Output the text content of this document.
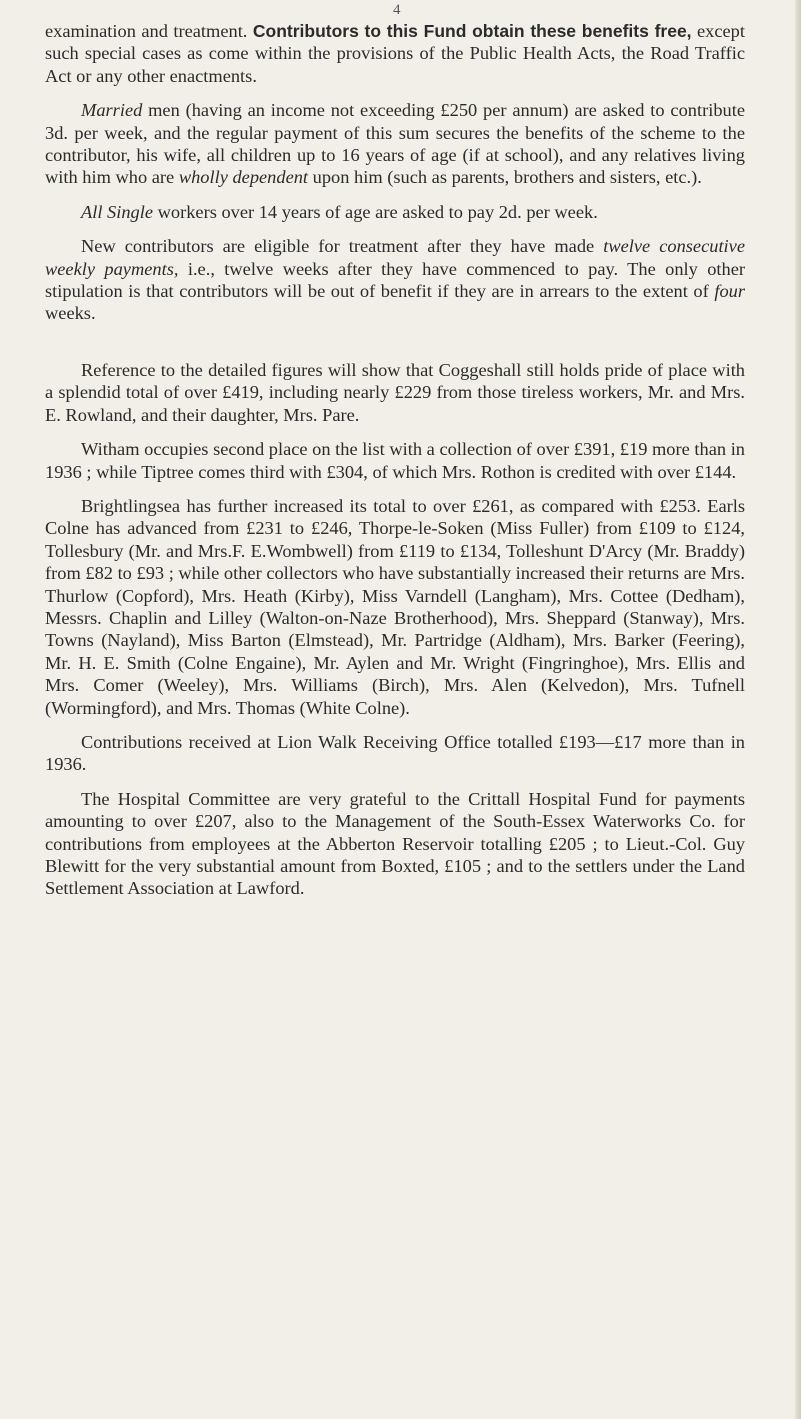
4

examination and treatment. Contributors to this Fund obtain these benefits free, except such special cases as come within the provisions of the Public Health Acts, the Road Traffic Act or any other enactments.

Married men (having an income not exceeding £250 per annum) are asked to contribute 3d. per week, and the regular payment of this sum secures the benefits of the scheme to the contributor, his wife, all children up to 16 years of age (if at school), and any relatives living with him who are wholly dependent upon him (such as parents, brothers and sisters, etc.).

All Single workers over 14 years of age are asked to pay 2d. per week.

New contributors are eligible for treatment after they have made twelve consecutive weekly payments, i.e., twelve weeks after they have commenced to pay. The only other stipulation is that contributors will be out of benefit if they are in arrears to the extent of four weeks.

Reference to the detailed figures will show that Coggeshall still holds pride of place with a splendid total of over £419, including nearly £229 from those tireless workers, Mr. and Mrs. E. Rowland, and their daughter, Mrs. Pare.

Witham occupies second place on the list with a collection of over £391, £19 more than in 1936 ; while Tiptree comes third with £304, of which Mrs. Rothon is credited with over £144.

Brightlingsea has further increased its total to over £261, as compared with £253. Earls Colne has advanced from £231 to £246, Thorpe-le-Soken (Miss Fuller) from £109 to £124, Tollesbury (Mr. and Mrs.F. E.Wombwell) from £119 to £134, Tolleshunt D'Arcy (Mr. Braddy) from £82 to £93 ; while other collectors who have substantially increased their returns are Mrs. Thurlow (Copford), Mrs. Heath (Kirby), Miss Varndell (Langham), Mrs. Cottee (Dedham), Messrs. Chaplin and Lilley (Walton-on-Naze Brotherhood), Mrs. Sheppard (Stanway), Mrs. Towns (Nayland), Miss Barton (Elmstead), Mr. Partridge (Aldham), Mrs. Barker (Feering), Mr. H. E. Smith (Colne Engaine), Mr. Aylen and Mr. Wright (Fingringhoe), Mrs. Ellis and Mrs. Comer (Weeley), Mrs. Williams (Birch), Mrs. Alen (Kelvedon), Mrs. Tufnell (Wormingford), and Mrs. Thomas (White Colne).

Contributions received at Lion Walk Receiving Office totalled £193—£17 more than in 1936.

The Hospital Committee are very grateful to the Crittall Hospital Fund for payments amounting to over £207, also to the Management of the South-Essex Waterworks Co. for contributions from employees at the Abberton Reservoir totalling £205 ; to Lieut.-Col. Guy Blewitt for the very substantial amount from Boxted, £105 ; and to the settlers under the Land Settlement Association at Lawford.
